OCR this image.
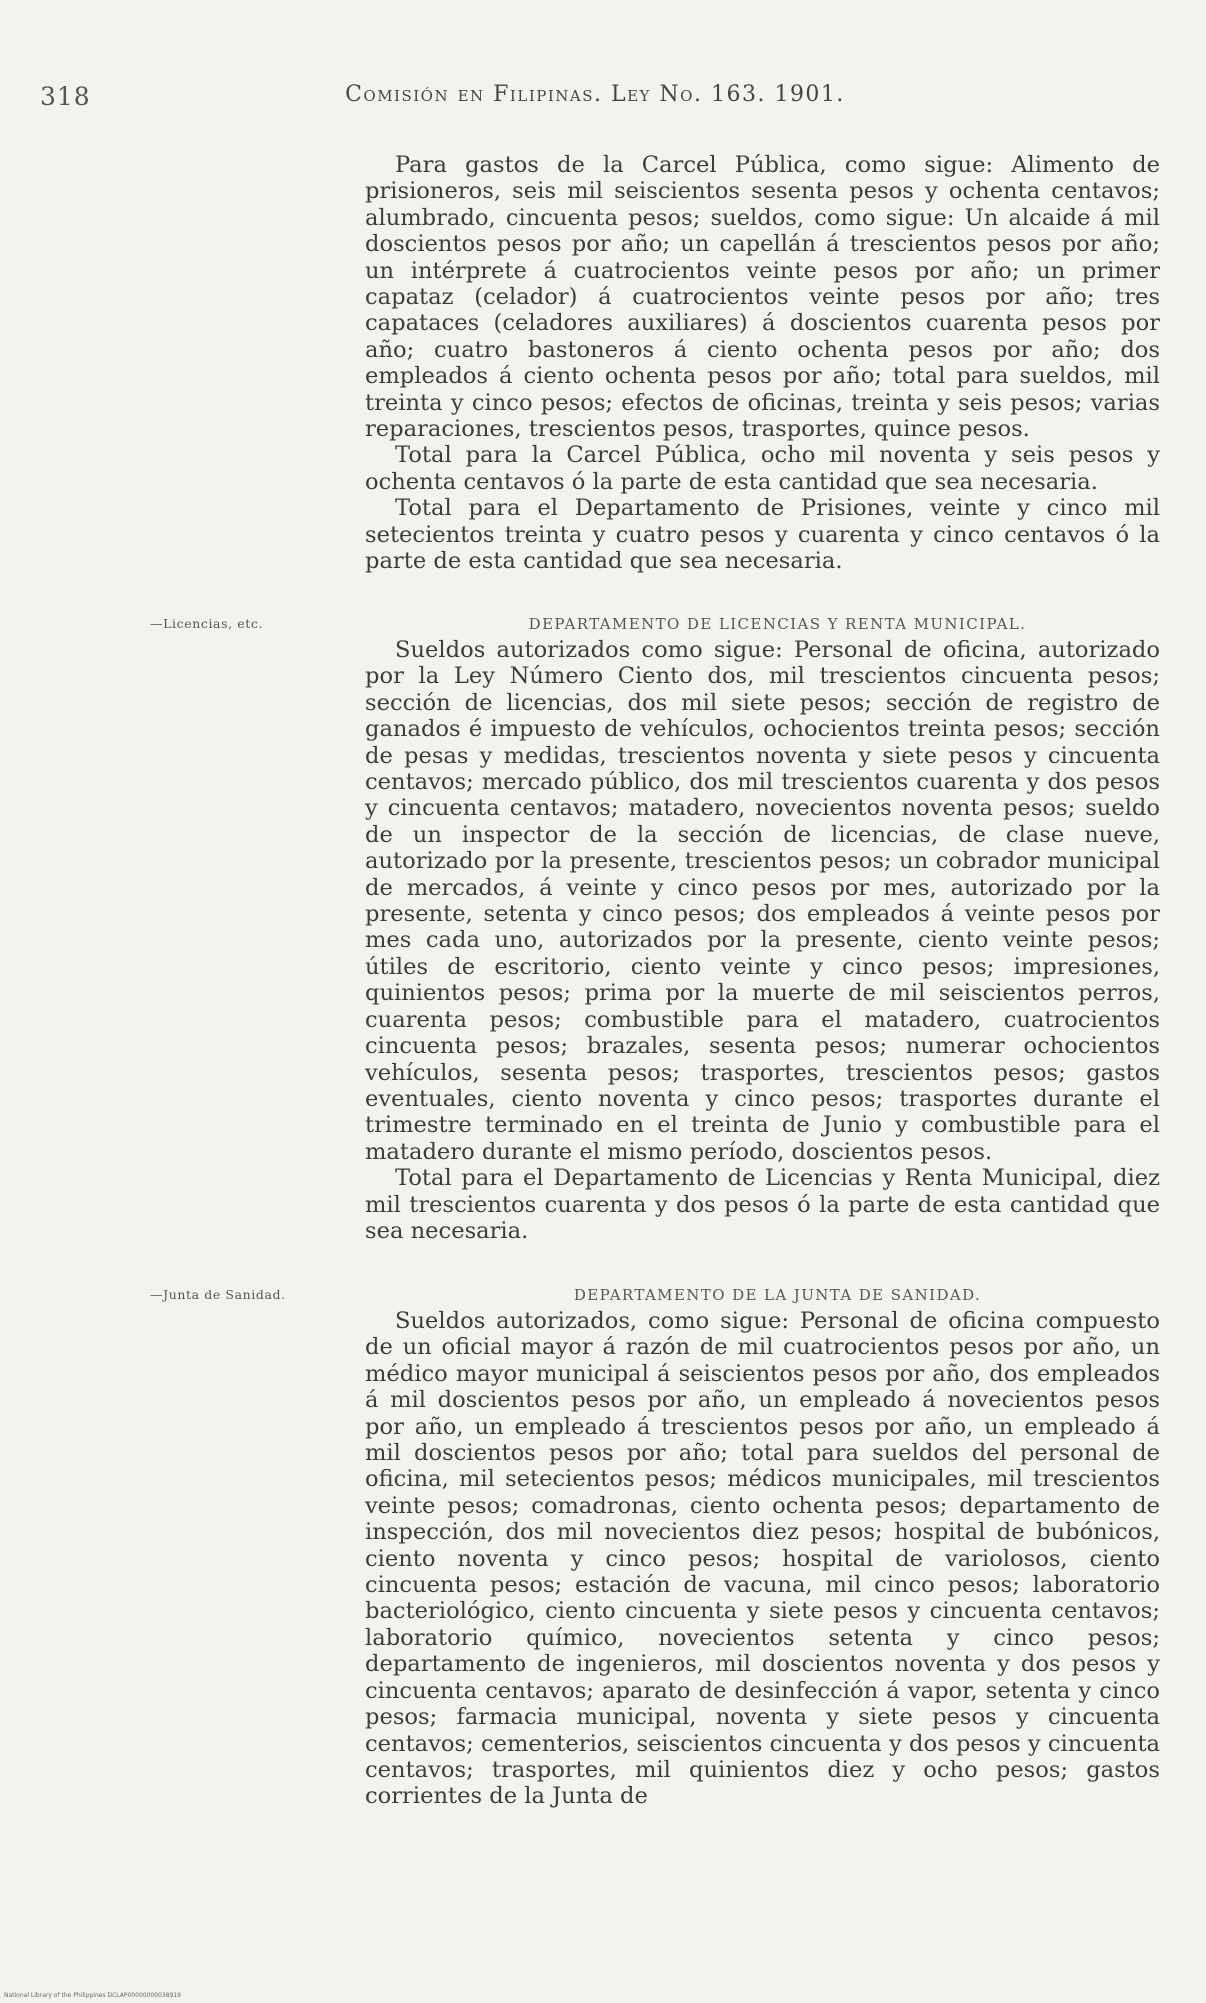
318	Comisión en Filipinas. Ley No. 163. 1901.

Para gastos de la Carcel Pública, como sigue: Alimento de prisioneros, seis mil seiscientos sesenta pesos y ochenta centavos; alumbrado, cincuenta pesos; sueldos, como sigue: Un alcaide á mil doscientos pesos por año; un capellán á trescientos pesos por año; un intérprete á cuatrocientos veinte pesos por año; un primer capataz (celador) á cuatrocientos veinte pesos por año; tres capataces (celadores auxiliares) á doscientos cuarenta pesos por año; cuatro bastoneros á ciento ochenta pesos por año; dos empleados á ciento ochenta pesos por año; total para sueldos, mil treinta y cinco pesos; efectos de oficinas, treinta y seis pesos; varias reparaciones, trescientos pesos, trasportes, quince pesos.

Total para la Carcel Pública, ocho mil noventa y seis pesos y ochenta centavos ó la parte de esta cantidad que sea necesaria.

Total para el Departamento de Prisiones, veinte y cinco mil setecientos treinta y cuatro pesos y cuarenta y cinco centavos ó la parte de esta cantidad que sea necesaria.

—Licencias, etc.	DEPARTAMENTO DE LICENCIAS Y RENTA MUNICIPAL.

Sueldos autorizados como sigue: Personal de oficina, autorizado por la Ley Número Ciento dos, mil trescientos cincuenta pesos; sección de licencias, dos mil siete pesos; sección de registro de ganados é impuesto de vehículos, ochocientos treinta pesos; sección de pesas y medidas, trescientos noventa y siete pesos y cincuenta centavos; mercado público, dos mil trescientos cuarenta y dos pesos y cincuenta centavos; matadero, novecientos noventa pesos; sueldo de un inspector de la sección de licencias, de clase nueve, autorizado por la presente, trescientos pesos; un cobrador municipal de mercados, á veinte y cinco pesos por mes, autorizado por la presente, setenta y cinco pesos; dos empleados á veinte pesos por mes cada uno, autorizados por la presente, ciento veinte pesos; útiles de escritorio, ciento veinte y cinco pesos; impresiones, quinientos pesos; prima por la muerte de mil seiscientos perros, cuarenta pesos; combustible para el matadero, cuatrocientos cincuenta pesos; brazales, sesenta pesos; numerar ochocientos vehículos, sesenta pesos; trasportes, trescientos pesos; gastos eventuales, ciento noventa y cinco pesos; trasportes durante el trimestre terminado en el treinta de Junio y combustible para el matadero durante el mismo período, doscientos pesos.

Total para el Departamento de Licencias y Renta Municipal, diez mil trescientos cuarenta y dos pesos ó la parte de esta cantidad que sea necesaria.

—Junta de Sanidad.	DEPARTAMENTO DE LA JUNTA DE SANIDAD.

Sueldos autorizados, como sigue: Personal de oficina compuesto de un oficial mayor á razón de mil cuatrocientos pesos por año, un médico mayor municipal á seiscientos pesos por año, dos empleados á mil doscientos pesos por año, un empleado á novecientos pesos por año, un empleado á trescientos pesos por año, un empleado á mil doscientos pesos por año; total para sueldos del personal de oficina, mil setecientos pesos; médicos municipales, mil trescientos veinte pesos; comadronas, ciento ochenta pesos; departamento de inspección, dos mil novecientos diez pesos; hospital de bubónicos, ciento noventa y cinco pesos; hospital de variolosos, ciento cincuenta pesos; estación de vacuna, mil cinco pesos; laboratorio bacteriológico, ciento cincuenta y siete pesos y cincuenta centavos; laboratorio químico, novecientos setenta y cinco pesos; departamento de ingenieros, mil doscientos noventa y dos pesos y cincuenta centavos; aparato de desinfección á vapor, setenta y cinco pesos; farmacia municipal, noventa y siete pesos y cincuenta centavos; cementerios, seiscientos cincuenta y dos pesos y cincuenta centavos; trasportes, mil quinientos diez y ocho pesos; gastos corrientes de la Junta de

National Library of the Philippines DCLAP00000000038919
